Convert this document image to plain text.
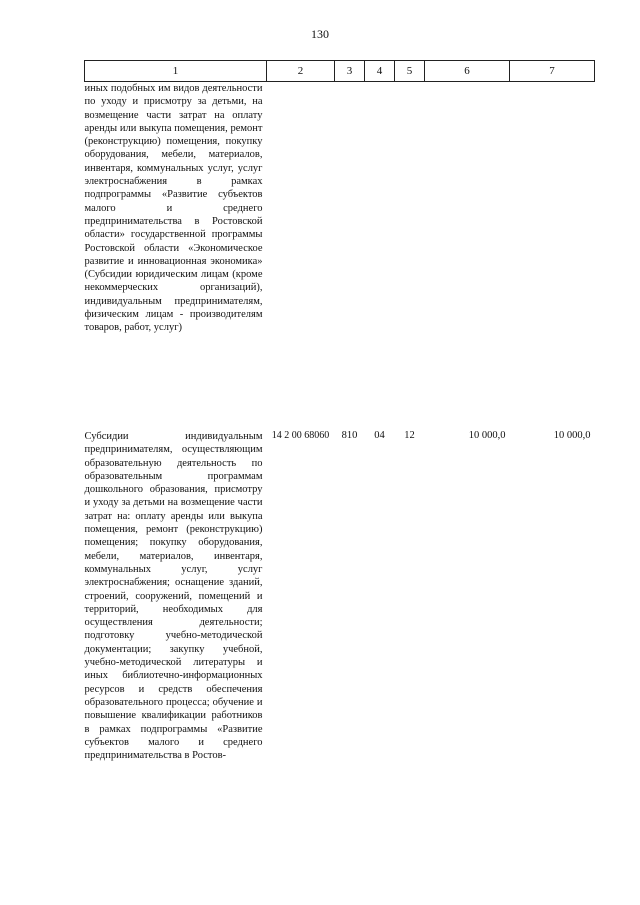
130
1	2	3	4	5	6	7
иных подобных им видов деятельности по уходу и присмотру за детьми, на возмещение части затрат на оплату аренды или выкупа помещения, ремонт (реконструкцию) помещения, покупку оборудования, мебели, материалов, инвентаря, коммунальных услуг, услуг электроснабжения в рамках подпрограммы «Развитие субъектов малого и среднего предпринимательства в Ростовской области» государственной программы Ростовской области «Экономическое развитие и инновационная экономика» (Субсидии юридическим лицам (кроме некоммерческих организаций), индивидуальным предпринимателям, физическим лицам - производителям товаров, работ, услуг)						
Субсидии индивидуальным предпринимателям, осуществляющим образовательную деятельность по образовательным программам дошкольного образования, присмотру и уходу за детьми на возмещение части затрат на: оплату аренды или выкупа помещения, ремонт (реконструкцию) помещения; покупку оборудования, мебели, материалов, инвентаря, коммунальных услуг, услуг электроснабжения; оснащение зданий, строений, сооружений, помещений и территорий, необходимых для осуществления деятельности; подготовку учебно-методической документации; закупку учебной, учебно-методической литературы и иных библиотечно-информационных ресурсов и средств обеспечения образовательного процесса; обучение и повышение квалификации работников в рамках подпрограммы «Развитие субъектов малого и среднего предпринимательства в Ростов-	14 2 00 68060	810	04	12	10 000,0	10 000,0
